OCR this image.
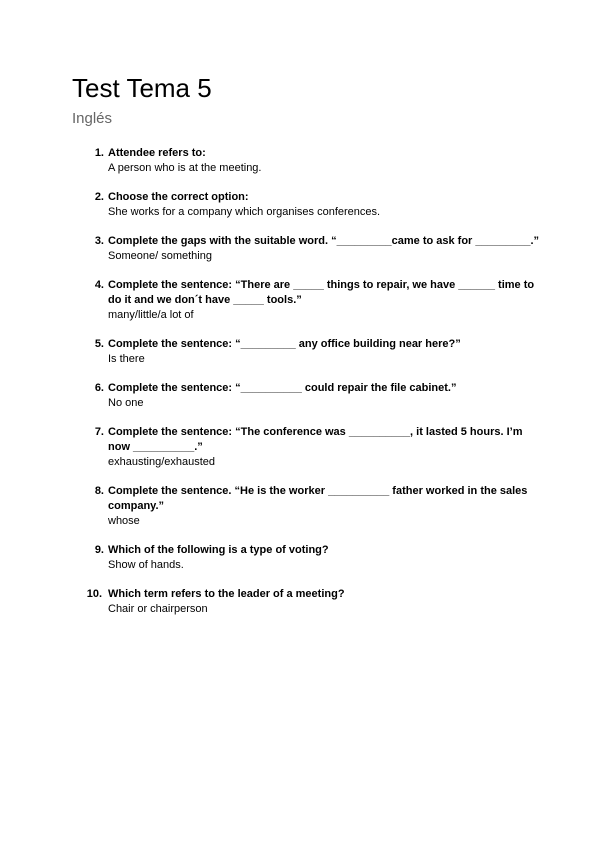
Test Tema 5
Inglés
1. Attendee refers to:
A person who is at the meeting.
2. Choose the correct option:
She works for a company which organises conferences.
3. Complete the gaps with the suitable word. “_________came to ask for _________.”
Someone/ something
4. Complete the sentence: “There are _____ things to repair, we have ______ time to do it and we don´t have _____ tools.”
many/little/a lot of
5. Complete the sentence: “_________ any office building near here?”
Is there
6. Complete the sentence: “__________ could repair the file cabinet.”
No one
7. Complete the sentence: “The conference was __________, it lasted 5 hours. I’m now __________.”
exhausting/exhausted
8. Complete the sentence. “He is the worker __________ father worked in the sales company.”
whose
9. Which of the following is a type of voting?
Show of hands.
10. Which term refers to the leader of a meeting?
Chair or chairperson
